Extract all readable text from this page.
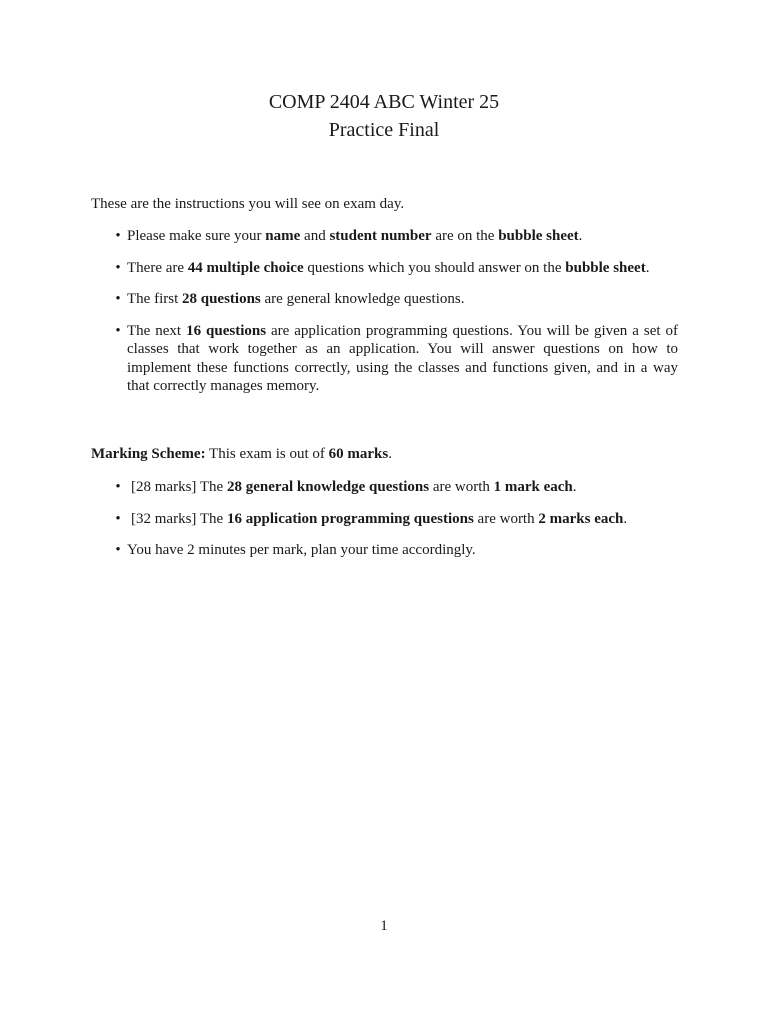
COMP 2404 ABC Winter 25
Practice Final
These are the instructions you will see on exam day.
• Please make sure your name and student number are on the bubble sheet.
• There are 44 multiple choice questions which you should answer on the bubble sheet.
• The first 28 questions are general knowledge questions.
• The next 16 questions are application programming questions. You will be given a set of classes that work together as an application. You will answer questions on how to implement these functions correctly, using the classes and functions given, and in a way that correctly manages memory.
Marking Scheme: This exam is out of 60 marks.
• [28 marks] The 28 general knowledge questions are worth 1 mark each.
• [32 marks] The 16 application programming questions are worth 2 marks each.
• You have 2 minutes per mark, plan your time accordingly.
1
